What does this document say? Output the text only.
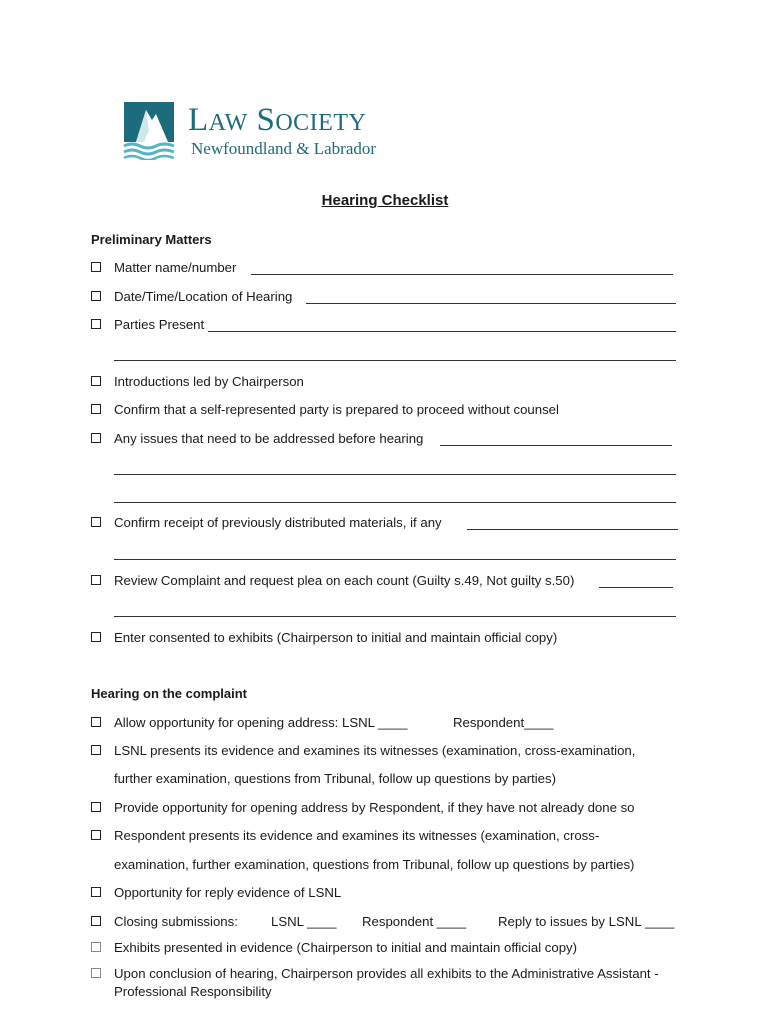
LAW SOCIETY
Newfoundland & Labrador
Hearing Checklist
Preliminary Matters
Matter name/number
Date/Time/Location of Hearing
Parties Present
Introductions led by Chairperson
Confirm that a self-represented party is prepared to proceed without counsel
Any issues that need to be addressed before hearing
Confirm receipt of previously distributed materials, if any
Review Complaint and request plea on each count (Guilty s.49, Not guilty s.50)
Enter consented to exhibits (Chairperson to initial and maintain official copy)
Hearing on the complaint
Allow opportunity for opening address: LSNL ____	Respondent____
LSNL presents its evidence and examines its witnesses (examination, cross-examination,
further examination, questions from Tribunal, follow up questions by parties)
Provide opportunity for opening address by Respondent, if they have not already done so
Respondent presents its evidence and examines its witnesses (examination, cross-
examination, further examination, questions from Tribunal, follow up questions by parties)
Opportunity for reply evidence of LSNL
Closing submissions:	LSNL ____ Respondent ____ Reply to issues by LSNL ____
Exhibits presented in evidence (Chairperson to initial and maintain official copy)
Upon conclusion of hearing, Chairperson provides all exhibits to the Administrative Assistant - Professional Responsibility
